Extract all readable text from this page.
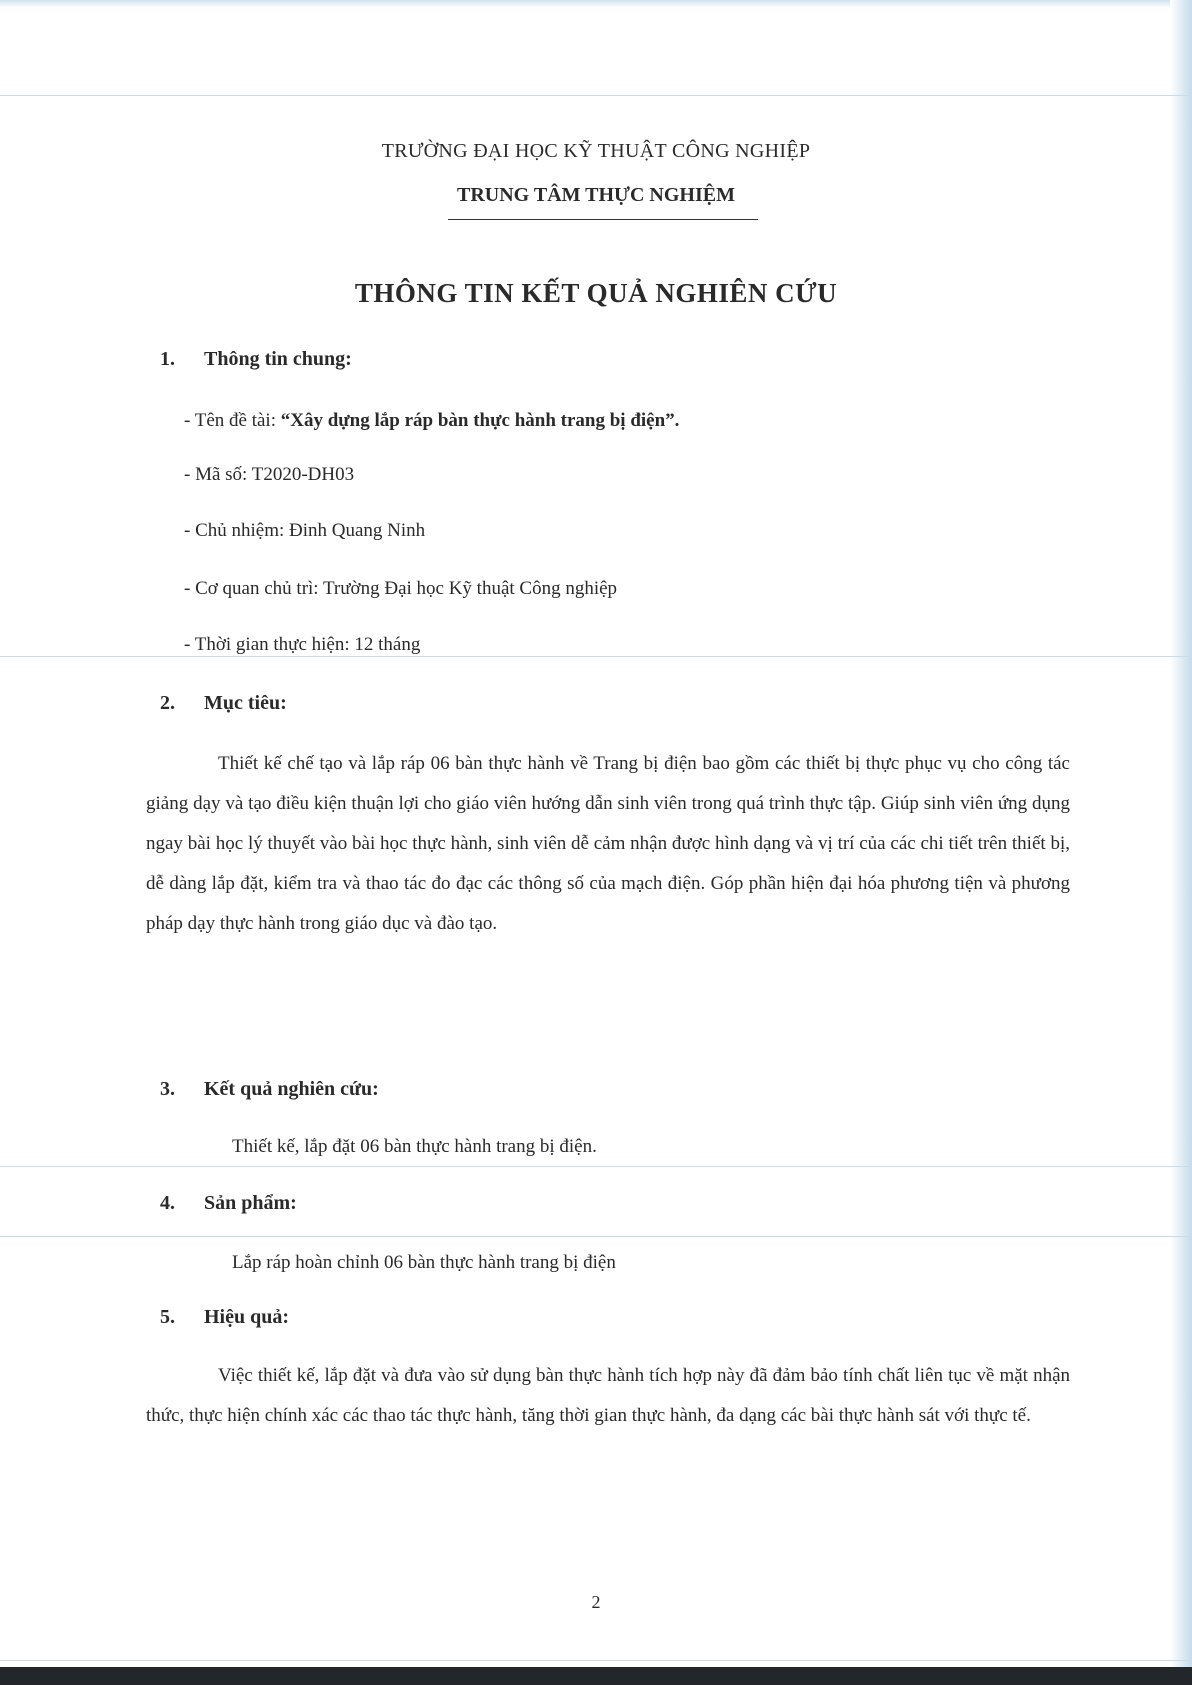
TRƯỜNG ĐẠI HỌC KỸ THUẬT CÔNG NGHIỆP
TRUNG TÂM THỰC NGHIỆM
THÔNG TIN KẾT QUẢ NGHIÊN CỨU
1. Thông tin chung:
- Tên đề tài: “Xây dựng lắp ráp bàn thực hành trang bị điện”.
- Mã số: T2020-DH03
- Chủ nhiệm: Đinh Quang Ninh
- Cơ quan chủ trì: Trường Đại học Kỹ thuật Công nghiệp
- Thời gian thực hiện: 12 tháng
2. Mục tiêu:
Thiết kế chế tạo và lắp ráp 06 bàn thực hành về Trang bị điện bao gồm các thiết bị thực phục vụ cho công tác giảng dạy và tạo điều kiện thuận lợi cho giáo viên hướng dẫn sinh viên trong quá trình thực tập. Giúp sinh viên ứng dụng ngay bài học lý thuyết vào bài học thực hành, sinh viên dễ cảm nhận được hình dạng và vị trí của các chi tiết trên thiết bị, dễ dàng lắp đặt, kiểm tra và thao tác đo đạc các thông số của mạch điện. Góp phần hiện đại hóa phương tiện và phương pháp dạy thực hành trong giáo dục và đào tạo.
3. Kết quả nghiên cứu:
Thiết kế, lắp đặt 06 bàn thực hành trang bị điện.
4. Sản phẩm:
Lắp ráp hoàn chỉnh 06 bàn thực hành trang bị điện
5. Hiệu quả:
Việc thiết kế, lắp đặt và đưa vào sử dụng bàn thực hành tích hợp này đã đảm bảo tính chất liên tục về mặt nhận thức, thực hiện chính xác các thao tác thực hành, tăng thời gian thực hành, đa dạng các bài thực hành sát với thực tế.
2
